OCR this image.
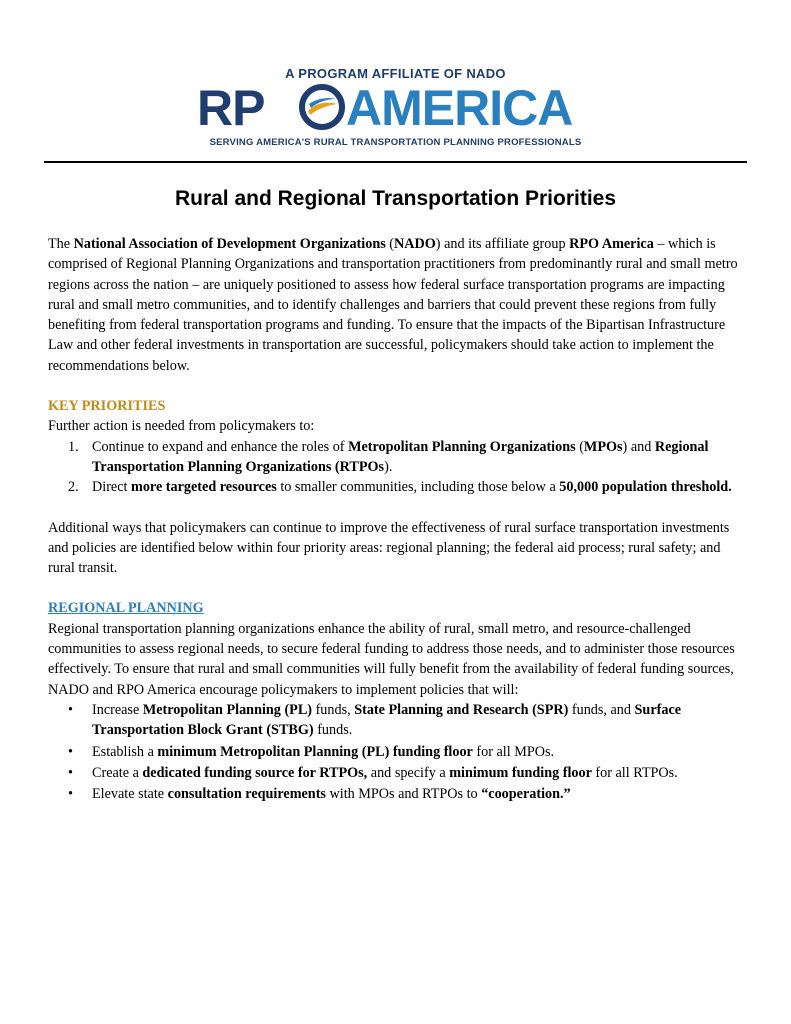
A PROGRAM AFFILIATE OF NADO
RP AMERICA
SERVING AMERICA'S RURAL TRANSPORTATION PLANNING PROFESSIONALS
Rural and Regional Transportation Priorities

The National Association of Development Organizations (NADO) and its affiliate group RPO America – which is comprised of Regional Planning Organizations and transportation practitioners from predominantly rural and small metro regions across the nation – are uniquely positioned to assess how federal surface transportation programs are impacting rural and small metro communities, and to identify challenges and barriers that could prevent these regions from fully benefiting from federal transportation programs and funding. To ensure that the impacts of the Bipartisan Infrastructure Law and other federal investments in transportation are successful, policymakers should take action to implement the recommendations below.

KEY PRIORITIES

Further action is needed from policymakers to:

1. Continue to expand and enhance the roles of Metropolitan Planning Organizations (MPOs) and Regional Transportation Planning Organizations (RTPOs).
2. Direct more targeted resources to smaller communities, including those below a 50,000 population threshold.

Additional ways that policymakers can continue to improve the effectiveness of rural surface transportation investments and policies are identified below within four priority areas: regional planning; the federal aid process; rural safety; and rural transit.

REGIONAL PLANNING

Regional transportation planning organizations enhance the ability of rural, small metro, and resource-challenged communities to assess regional needs, to secure federal funding to address those needs, and to administer those resources effectively. To ensure that rural and small communities will fully benefit from the availability of federal funding sources, NADO and RPO America encourage policymakers to implement policies that will:

• Increase Metropolitan Planning (PL) funds, State Planning and Research (SPR) funds, and Surface Transportation Block Grant (STBG) funds.
• Establish a minimum Metropolitan Planning (PL) funding floor for all MPOs.
• Create a dedicated funding source for RTPOs, and specify a minimum funding floor for all RTPOs.
• Elevate state consultation requirements with MPOs and RTPOs to “cooperation.”
